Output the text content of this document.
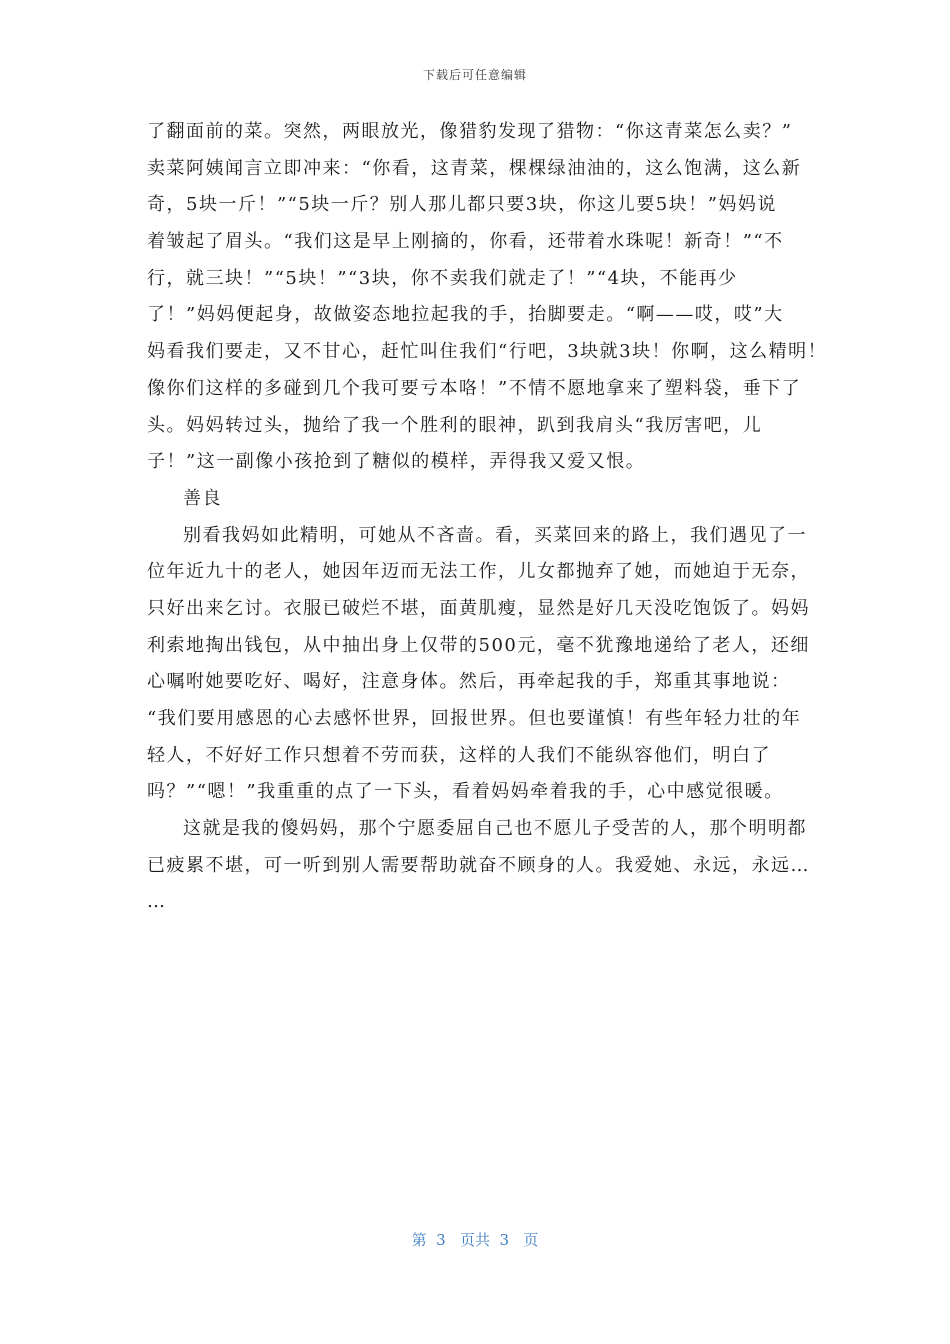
下载后可任意编辑
了翻面前的菜。突然，两眼放光，像猎豹发现了猎物：“你这青菜怎么卖？”
卖菜阿姨闻言立即冲来：“你看，这青菜，棵棵绿油油的，这么饱满，这么新
奇，5块一斤！”“5块一斤？别人那儿都只要3块，你这儿要5块！”妈妈说
着皱起了眉头。“我们这是早上刚摘的，你看，还带着水珠呢！新奇！”“不
行，就三块！”“5块！”“3块，你不卖我们就走了！”“4块，不能再少
了！”妈妈便起身，故做姿态地拉起我的手，抬脚要走。“啊——哎，哎”大
妈看我们要走，又不甘心，赶忙叫住我们“行吧，3块就3块！你啊，这么精明！
像你们这样的多碰到几个我可要亏本咯！”不情不愿地拿来了塑料袋，垂下了
头。妈妈转过头，抛给了我一个胜利的眼神，趴到我肩头“我厉害吧，儿
子！”这一副像小孩抢到了糖似的模样，弄得我又爱又恨。
善良
别看我妈如此精明，可她从不吝啬。看，买菜回来的路上，我们遇见了一
位年近九十的老人，她因年迈而无法工作，儿女都抛弃了她，而她迫于无奈，
只好出来乞讨。衣服已破烂不堪，面黄肌瘦，显然是好几天没吃饱饭了。妈妈
利索地掏出钱包，从中抽出身上仅带的500元，毫不犹豫地递给了老人，还细
心嘱咐她要吃好、喝好，注意身体。然后，再牵起我的手，郑重其事地说：
“我们要用感恩的心去感怀世界，回报世界。但也要谨慎！有些年轻力壮的年
轻人，不好好工作只想着不劳而获，这样的人我们不能纵容他们，明白了
吗？”“嗯！”我重重的点了一下头，看着妈妈牵着我的手，心中感觉很暖。
这就是我的傻妈妈，那个宁愿委屈自己也不愿儿子受苦的人，那个明明都
已疲累不堪，可一听到别人需要帮助就奋不顾身的人。我爱她、永远，永远…
…
第  3   页共  3   页
